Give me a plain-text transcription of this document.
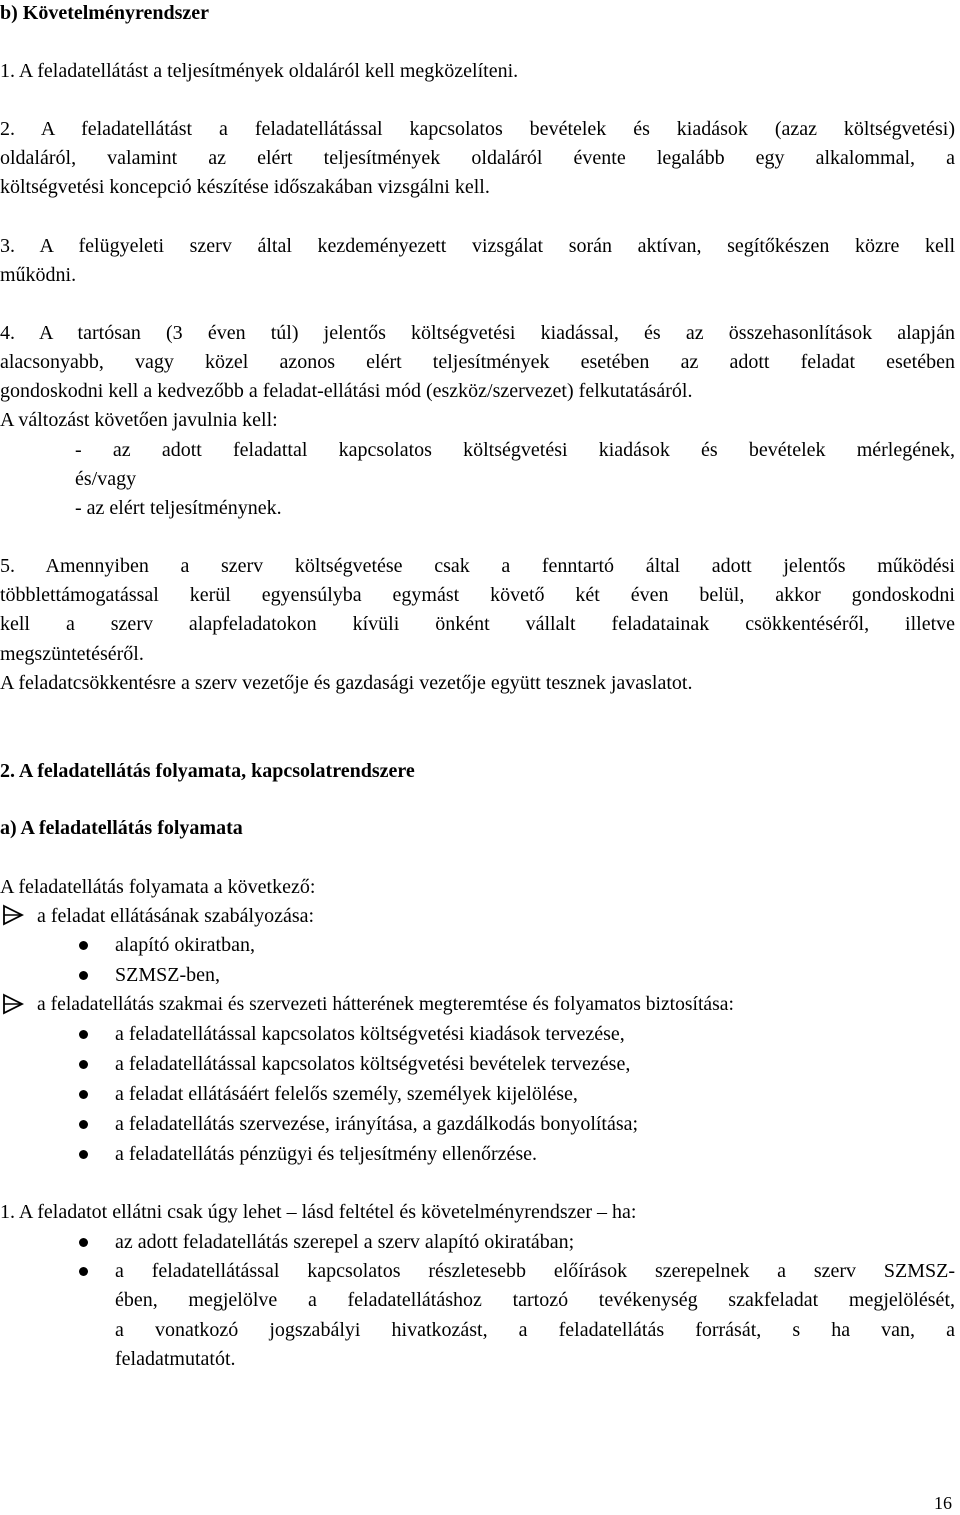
b) Követelményrendszer
1. A feladatellátást a teljesítmények oldaláról kell megközelíteni.
2. A feladatellátást a feladatellátással kapcsolatos bevételek és kiadások (azaz költségvetési)
oldaláról, valamint az elért teljesítmények oldaláról évente legalább egy alkalommal, a
költségvetési koncepció készítése időszakában vizsgálni kell.
3. A felügyeleti szerv által kezdeményezett vizsgálat során aktívan, segítőkészen közre kell
működni.
4. A tartósan (3 éven túl) jelentős költségvetési kiadással, és az összehasonlítások alapján
alacsonyabb, vagy közel azonos elért teljesítmények esetében az adott feladat esetében
gondoskodni kell a kedvezőbb a feladat-ellátási mód (eszköz/szervezet) felkutatásáról.
A változást követően javulnia kell:
- az adott feladattal kapcsolatos költségvetési kiadások és bevételek mérlegének,
és/vagy
- az elért teljesítménynek.
5. Amennyiben a szerv költségvetése csak a fenntartó által adott jelentős működési
többlettámogatással kerül egyensúlyba egymást követő két éven belül, akkor gondoskodni
kell a szerv alapfeladatokon kívüli önként vállalt feladatainak csökkentéséről, illetve
megszüntetéséről.
A feladatcsökkentésre a szerv vezetője és gazdasági vezetője együtt tesznek javaslatot.
2. A feladatellátás folyamata, kapcsolatrendszere
a) A feladatellátás folyamata
A feladatellátás folyamata a következő:
a feladat ellátásának szabályozása:
alapító okiratban,
SZMSZ-ben,
a feladatellátás szakmai és szervezeti hátterének megteremtése és folyamatos biztosítása:
a feladatellátással kapcsolatos költségvetési kiadások tervezése,
a feladatellátással kapcsolatos költségvetési bevételek tervezése,
a feladat ellátásáért felelős személy, személyek kijelölése,
a feladatellátás szervezése, irányítása, a gazdálkodás bonyolítása;
a feladatellátás pénzügyi és teljesítmény ellenőrzése.
1. A feladatot ellátni csak úgy lehet – lásd feltétel és követelményrendszer – ha:
az adott feladatellátás szerepel a szerv alapító okiratában;
a feladatellátással kapcsolatos részletesebb előírások szerepelnek a szerv SZMSZ-
ében, megjelölve a feladatellátáshoz tartozó tevékenység szakfeladat megjelölését,
a vonatkozó jogszabályi hivatkozást, a feladatellátás forrását, s ha van, a
feladatmutatót.
16
